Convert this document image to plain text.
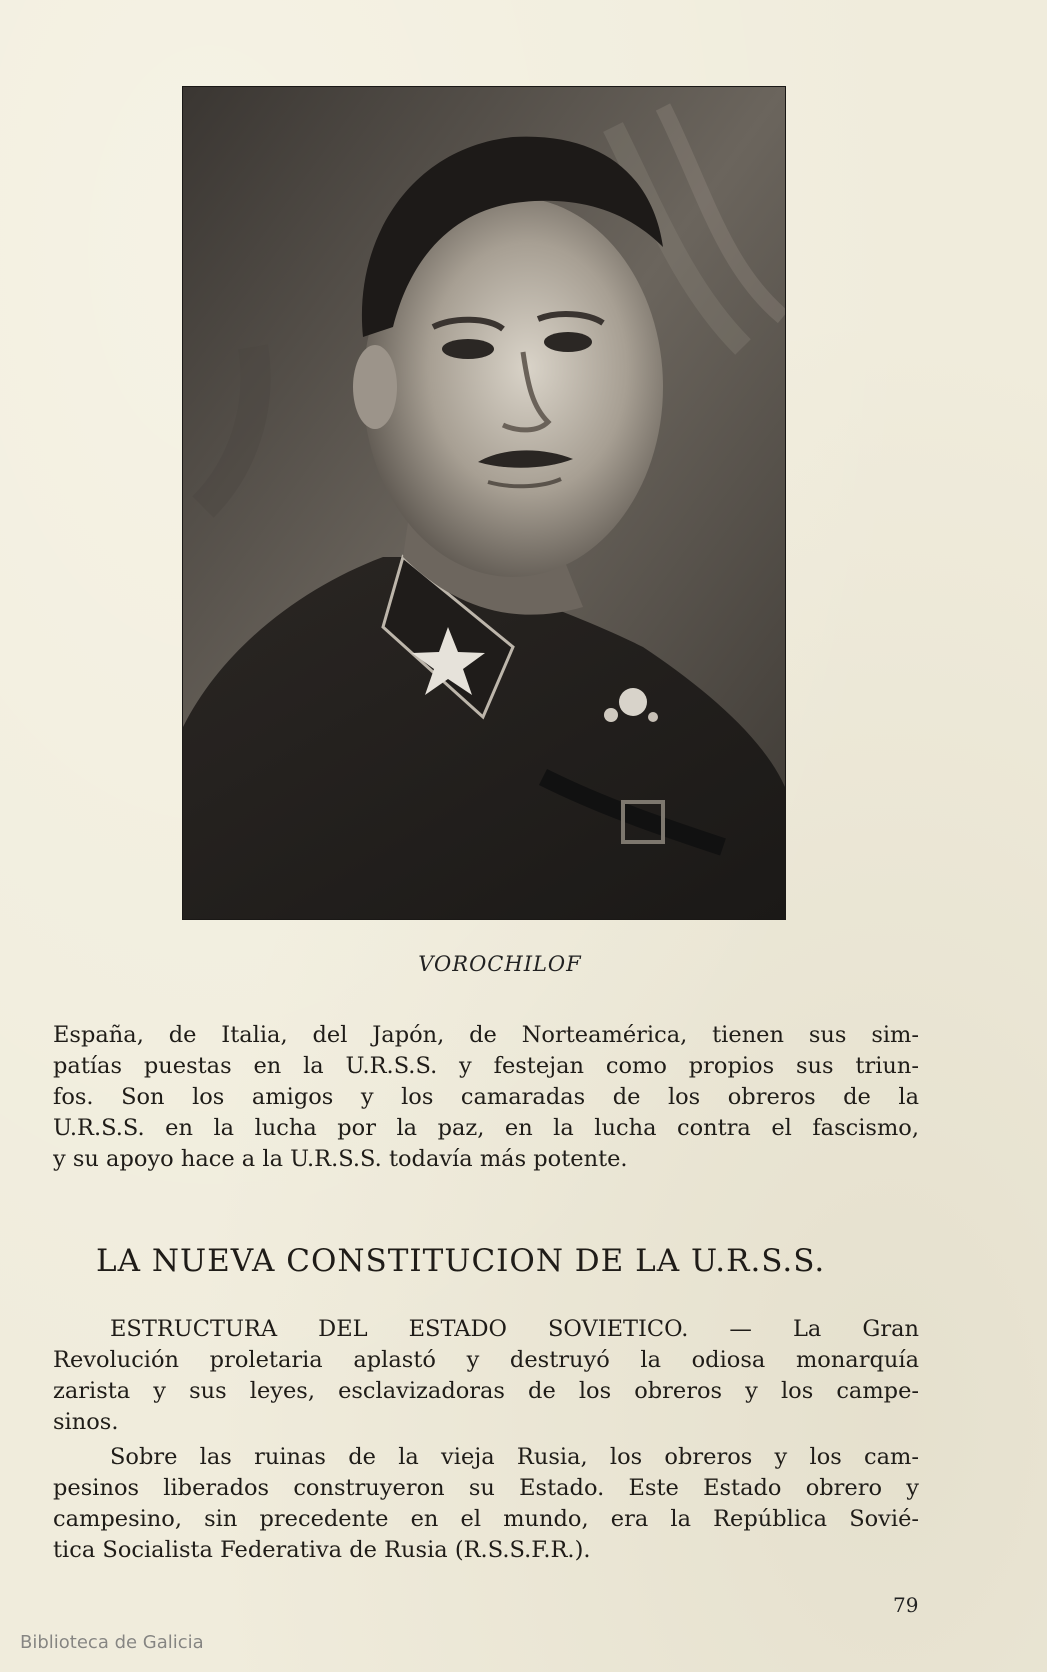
VOROCHILOF
España, de Italia, del Japón, de Norteamérica, tienen sus sim-
patías puestas en la U.R.S.S. y festejan como propios sus triun-
fos. Son los amigos y los camaradas de los obreros de la
U.R.S.S. en la lucha por la paz, en la lucha contra el fascismo,
y su apoyo hace a la U.R.S.S. todavía más potente.
LA NUEVA CONSTITUCION DE LA U.R.S.S.
ESTRUCTURA DEL ESTADO SOVIETICO. — La Gran
Revolución proletaria aplastó y destruyó la odiosa monarquía
zarista y sus leyes, esclavizadoras de los obreros y los campe-
sinos.
Sobre las ruinas de la vieja Rusia, los obreros y los cam-
pesinos liberados construyeron su Estado. Este Estado obrero y
campesino, sin precedente en el mundo, era la República Sovié-
tica Socialista Federativa de Rusia (R.S.S.F.R.).
79
Biblioteca de Galicia
